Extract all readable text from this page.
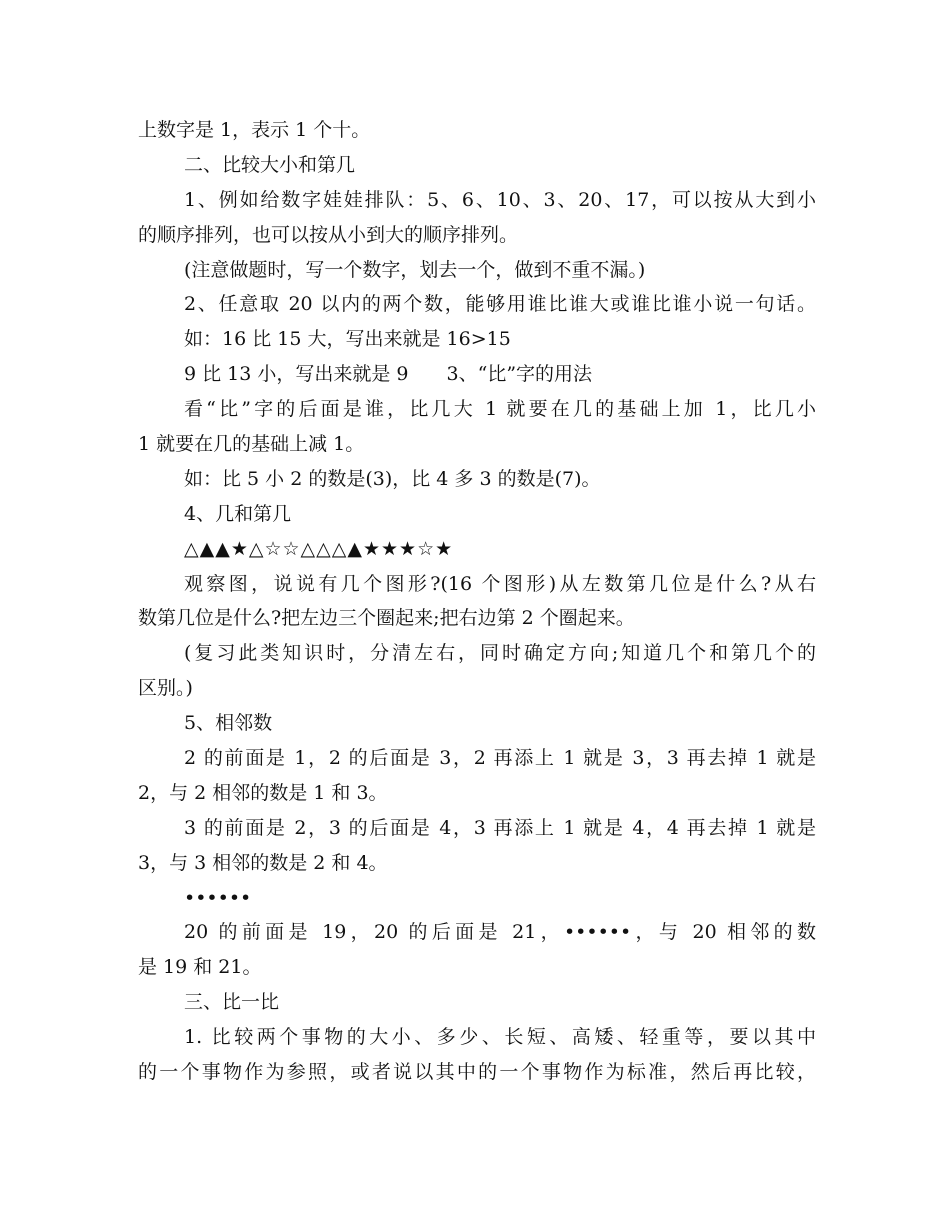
上数字是 1，表示 1 个十。
二、比较大小和第几
1、例如给数字娃娃排队：5、6、10、3、20、17，可以按从大到小
的顺序排列，也可以按从小到大的顺序排列。
(注意做题时，写一个数字，划去一个，做到不重不漏。)
2、任意取 20 以内的两个数，能够用谁比谁大或谁比谁小说一句话。
如：16 比 15 大，写出来就是 16>15
9 比 13 小，写出来就是 9　　3、“比”字的用法
看“比”字的后面是谁，比几大 1 就要在几的基础上加 1，比几小
1 就要在几的基础上减 1。
如：比 5 小 2 的数是(3)，比 4 多 3 的数是(7)。
4、几和第几
△▲▲★△☆☆△△△▲★★★☆★
观察图，说说有几个图形?(16 个图形)从左数第几位是什么?从右
数第几位是什么?把左边三个圈起来;把右边第 2 个圈起来。
(复习此类知识时，分清左右，同时确定方向;知道几个和第几个的
区别。)
5、相邻数
2 的前面是 1，2 的后面是 3，2 再添上 1 就是 3，3 再去掉 1 就是
2，与 2 相邻的数是 1 和 3。
3 的前面是 2，3 的后面是 4，3 再添上 1 就是 4，4 再去掉 1 就是
3，与 3 相邻的数是 2 和 4。
••••••
20 的前面是 19，20 的后面是 21，••••••，与 20 相邻的数
是 19 和 21。
三、比一比
1. 比较两个事物的大小、多少、长短、高矮、轻重等，要以其中
的一个事物作为参照，或者说以其中的一个事物作为标准，然后再比较，
